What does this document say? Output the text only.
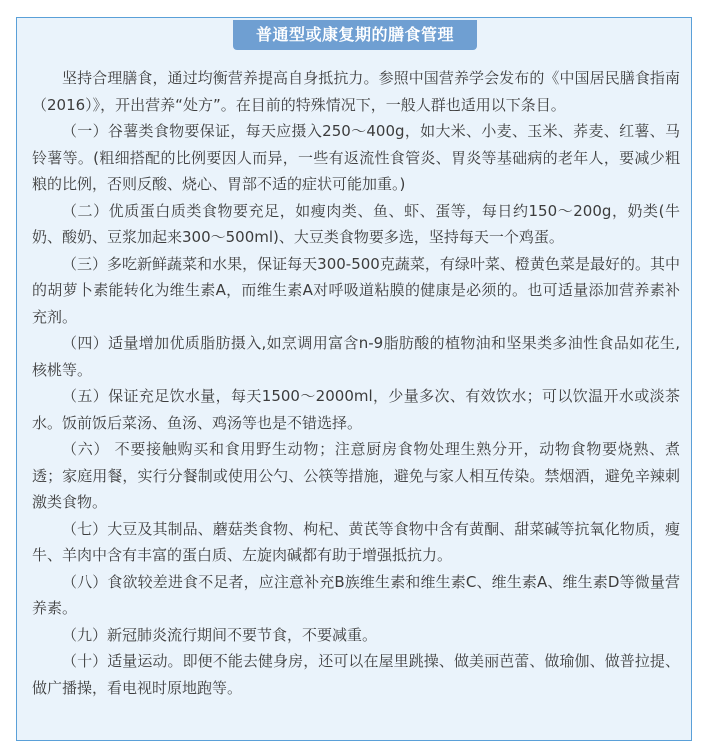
普通型或康复期的膳食管理

坚持合理膳食，通过均衡营养提高自身抵抗力。参照中国营养学会发布的《中国居民膳食指南（2016）》，开出营养“处方”。在目前的特殊情况下，一般人群也适用以下条目。

（一）谷薯类食物要保证，每天应摄入250～400g，如大米、小麦、玉米、荞麦、红薯、马铃薯等。(粗细搭配的比例要因人而异，一些有返流性食管炎、胃炎等基础病的老年人，要减少粗粮的比例，否则反酸、烧心、胃部不适的症状可能加重。)

（二）优质蛋白质类食物要充足，如瘦肉类、鱼、虾、蛋等，每日约150～200g，奶类(牛奶、酸奶、豆浆加起来300～500ml)、大豆类食物要多选，坚持每天一个鸡蛋。

（三）多吃新鲜蔬菜和水果，保证每天300-500克蔬菜，有绿叶菜、橙黄色菜是最好的。其中的胡萝卜素能转化为维生素A，而维生素A对呼吸道粘膜的健康是必须的。也可适量添加营养素补充剂。

（四）适量增加优质脂肪摄入,如烹调用富含n-9脂肪酸的植物油和坚果类多油性食品如花生,核桃等。

（五）保证充足饮水量，每天1500～2000ml，少量多次、有效饮水；可以饮温开水或淡茶水。饭前饭后菜汤、鱼汤、鸡汤等也是不错选择。

（六） 不要接触购买和食用野生动物；注意厨房食物处理生熟分开，动物食物要烧熟、煮透；家庭用餐，实行分餐制或使用公勺、公筷等措施，避免与家人相互传染。禁烟酒，避免辛辣刺激类食物。

（七）大豆及其制品、蘑菇类食物、枸杞、黄芪等食物中含有黄酮、甜菜碱等抗氧化物质，瘦牛、羊肉中含有丰富的蛋白质、左旋肉碱都有助于增强抵抗力。

（八）食欲较差进食不足者，应注意补充B族维生素和维生素C、维生素A、维生素D等微量营养素。

（九）新冠肺炎流行期间不要节食，不要减重。

（十）适量运动。即便不能去健身房，还可以在屋里跳操、做美丽芭蕾、做瑜伽、做普拉提、做广播操，看电视时原地跑等。
